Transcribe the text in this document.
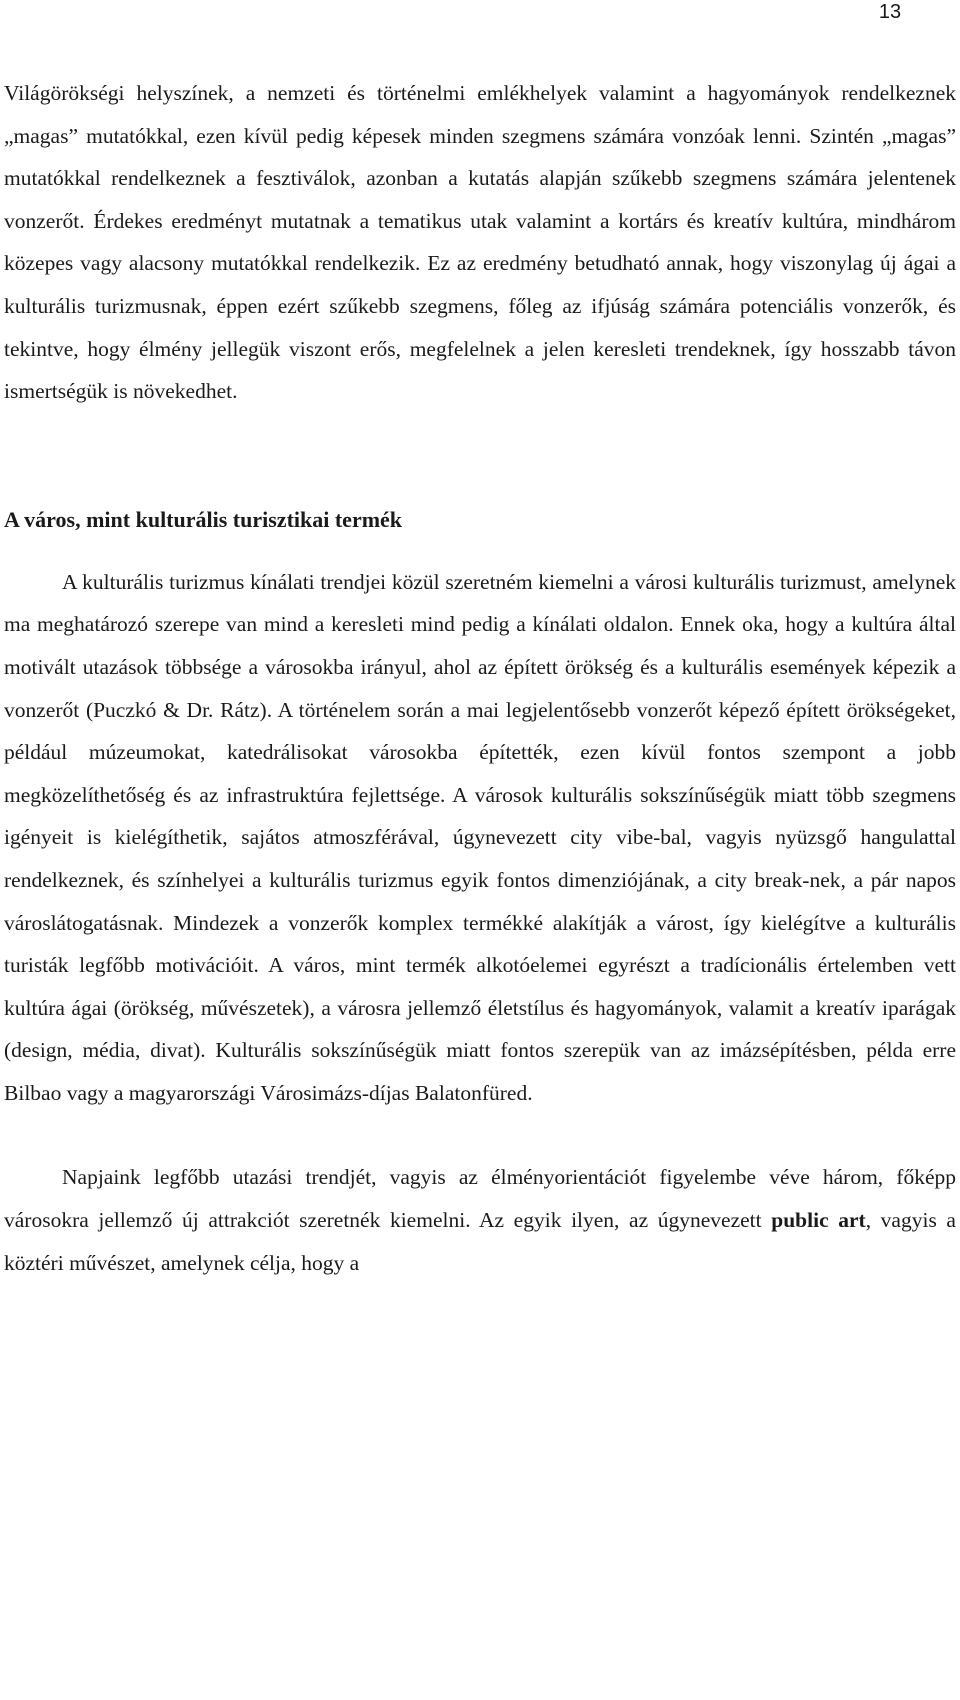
13

Világörökségi helyszínek, a nemzeti és történelmi emlékhelyek valamint a hagyományok rendelkeznek „magas” mutatókkal, ezen kívül pedig képesek minden szegmens számára vonzóak lenni. Szintén „magas” mutatókkal rendelkeznek a fesztiválok, azonban a kutatás alapján szűkebb szegmens számára jelentenek vonzerőt. Érdekes eredményt mutatnak a tematikus utak valamint a kortárs és kreatív kultúra, mindhárom közepes vagy alacsony mutatókkal rendelkezik. Ez az eredmény betudható annak, hogy viszonylag új ágai a kulturális turizmusnak, éppen ezért szűkebb szegmens, főleg az ifjúság számára potenciális vonzerők, és tekintve, hogy élmény jellegük viszont erős, megfelelnek a jelen keresleti trendeknek, így hosszabb távon ismertségük is növekedhet.

A város, mint kulturális turisztikai termék

A kulturális turizmus kínálati trendjei közül szeretném kiemelni a városi kulturális turizmust, amelynek ma meghatározó szerepe van mind a keresleti mind pedig a kínálati oldalon. Ennek oka, hogy a kultúra által motivált utazások többsége a városokba irányul, ahol az épített örökség és a kulturális események képezik a vonzerőt (Puczkó & Dr. Rátz). A történelem során a mai legjelentősebb vonzerőt képező épített örökségeket, például múzeumokat, katedrálisokat városokba építették, ezen kívül fontos szempont a jobb megközelíthetőség és az infrastruktúra fejlettsége. A városok kulturális sokszínűségük miatt több szegmens igényeit is kielégíthetik, sajátos atmoszférával, úgynevezett city vibe-bal, vagyis nyüzsgő hangulattal rendelkeznek, és színhelyei a kulturális turizmus egyik fontos dimenziójának, a city break-nek, a pár napos városlátogatásnak. Mindezek a vonzerők komplex termékké alakítják a várost, így kielégítve a kulturális turisták legfőbb motivációit. A város, mint termék alkotóelemei egyrészt a tradícionális értelemben vett kultúra ágai (örökség, művészetek), a városra jellemző életstílus és hagyományok, valamit a kreatív iparágak (design, média, divat). Kulturális sokszínűségük miatt fontos szerepük van az imázsépítésben, példa erre Bilbao vagy a magyarországi Városimázs-díjas Balatonfüred.

Napjaink legfőbb utazási trendjét, vagyis az élményorientációt figyelembe véve három, főképp városokra jellemző új attrakciót szeretnék kiemelni. Az egyik ilyen, az úgynevezett public art, vagyis a köztéri művészet, amelynek célja, hogy a
